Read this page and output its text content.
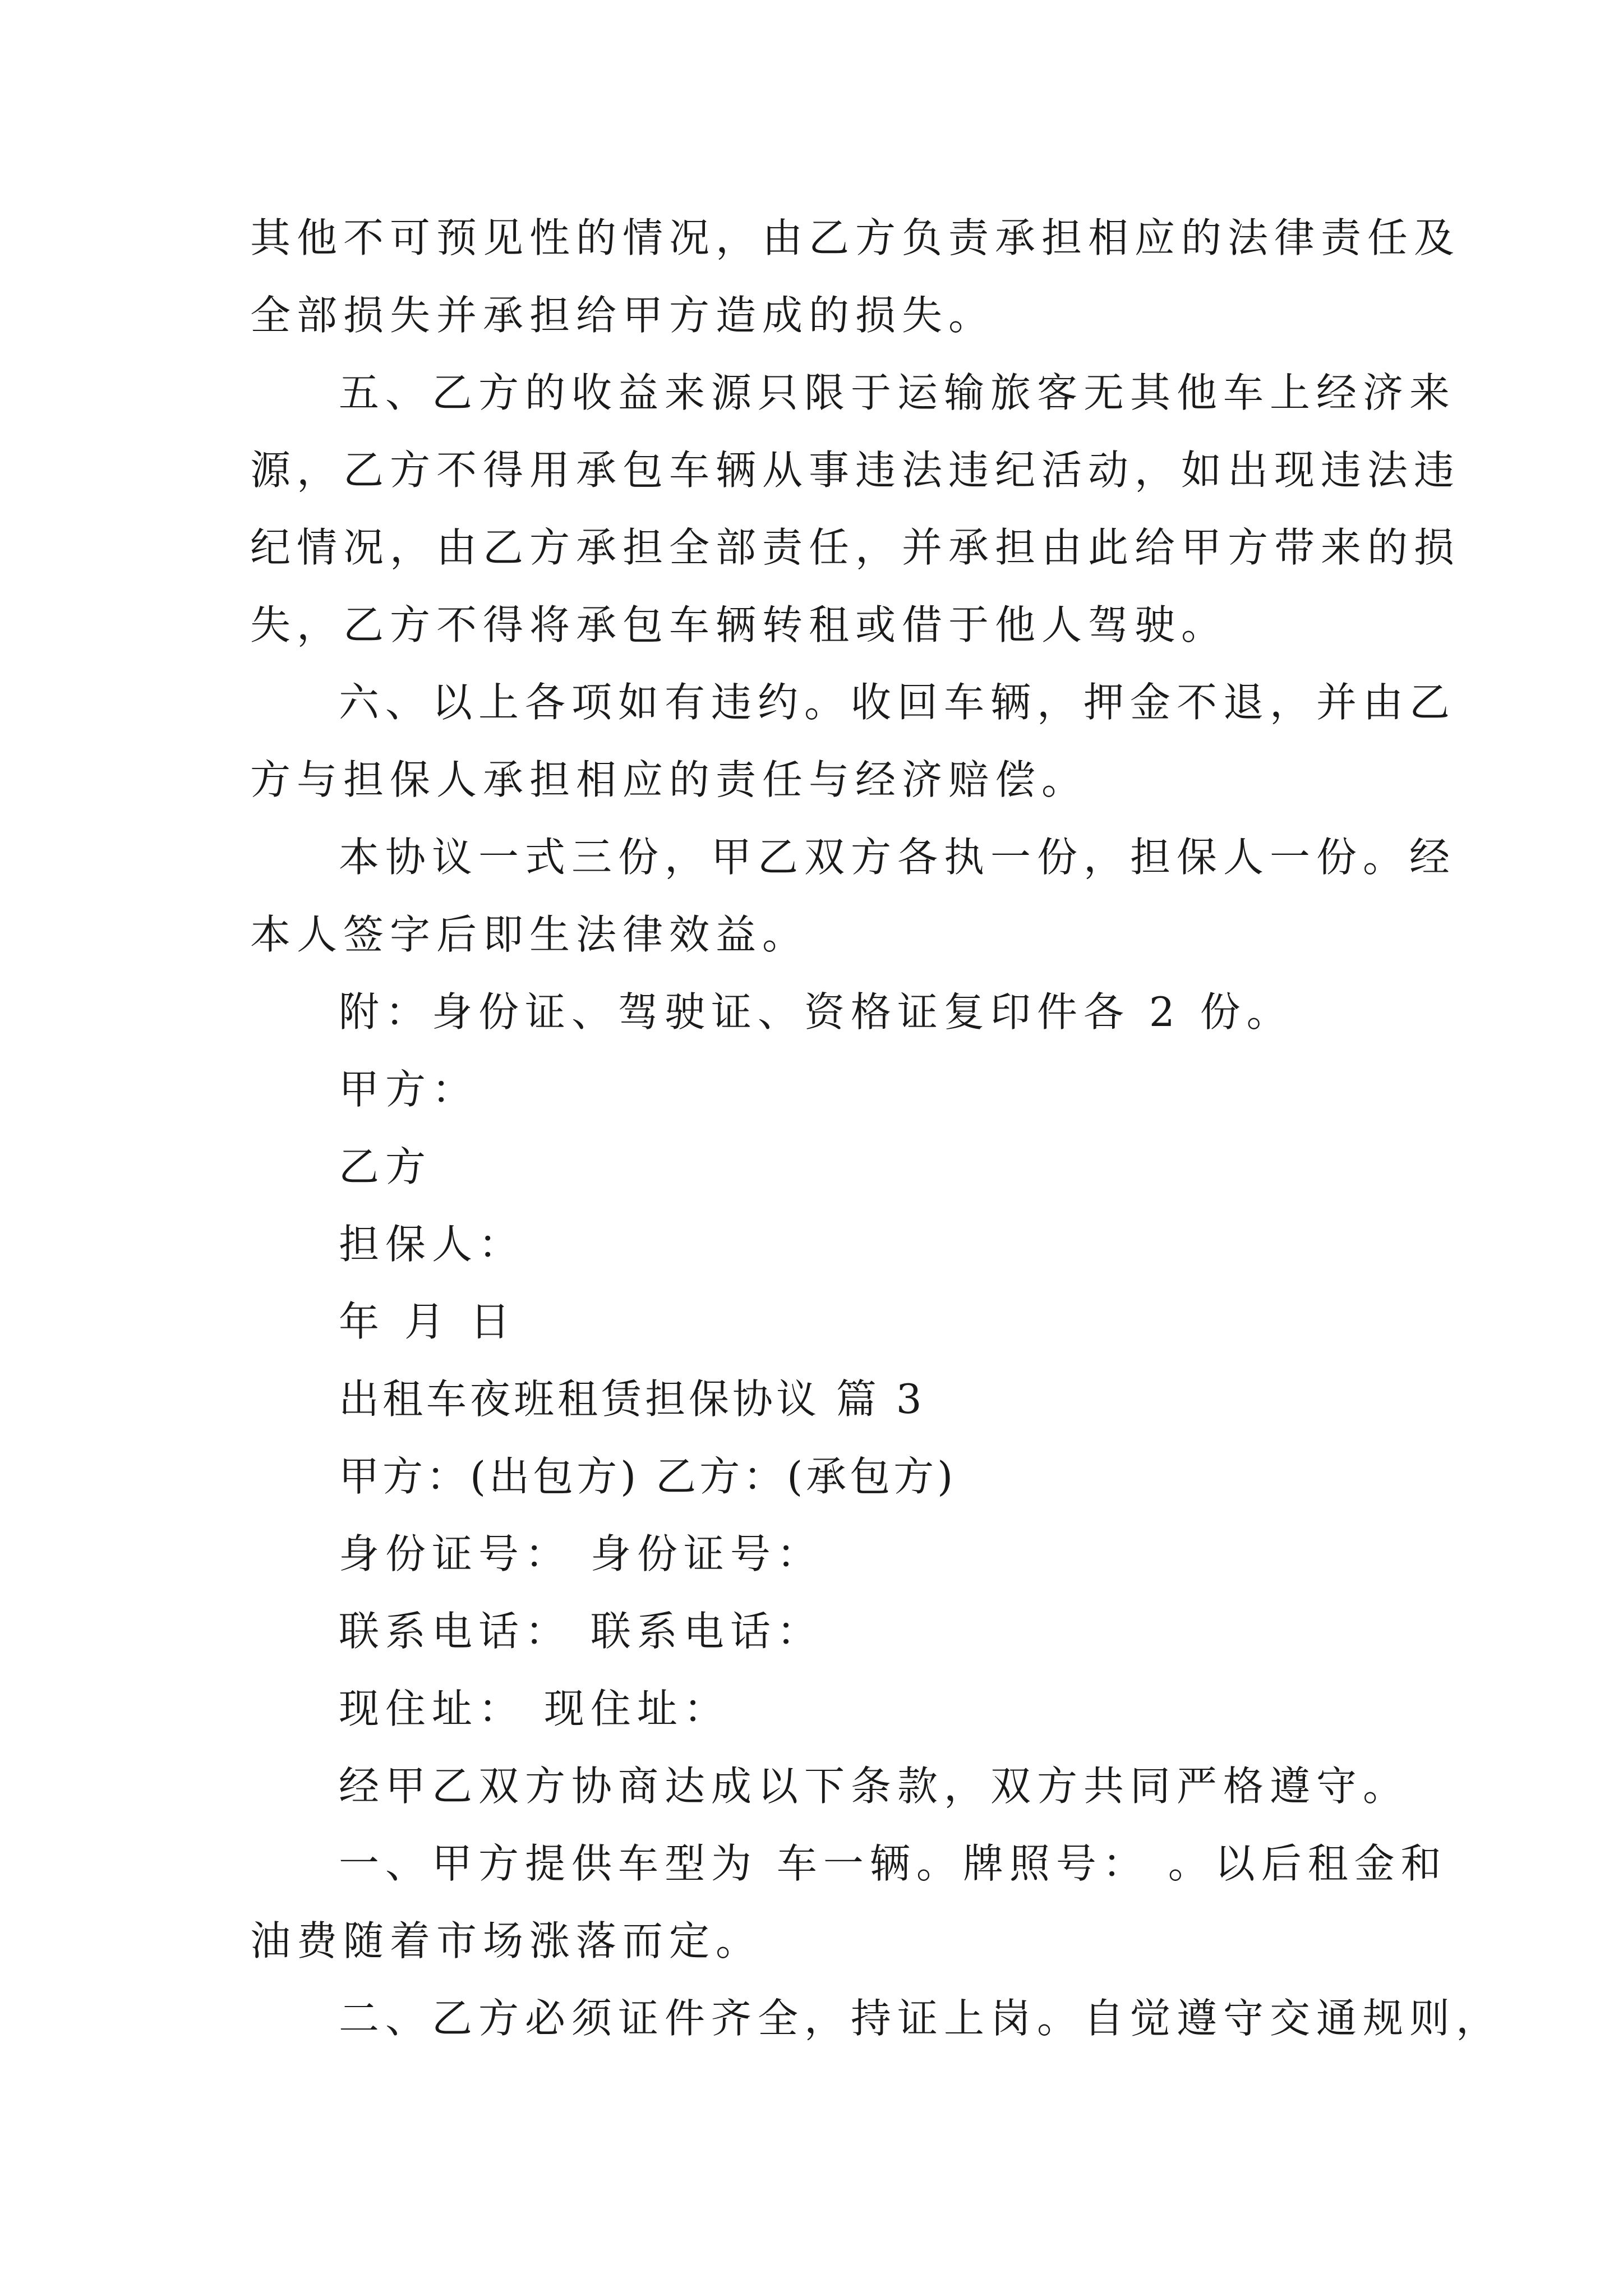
其他不可预见性的情况，由乙方负责承担相应的法律责任及
全部损失并承担给甲方造成的损失。
五、乙方的收益来源只限于运输旅客无其他车上经济来
源，乙方不得用承包车辆从事违法违纪活动，如出现违法违
纪情况，由乙方承担全部责任，并承担由此给甲方带来的损
失，乙方不得将承包车辆转租或借于他人驾驶。
六、以上各项如有违约。收回车辆，押金不退，并由乙
方与担保人承担相应的责任与经济赔偿。
本协议一式三份，甲乙双方各执一份，担保人一份。经
本人签字后即生法律效益。
附：身份证、驾驶证、资格证复印件各 2 份。
甲方：
乙方
担保人：
年 月 日
出租车夜班租赁担保协议 篇 3
甲方：(出包方) 乙方：(承包方)
身份证号： 身份证号：
联系电话： 联系电话：
现住址： 现住址：
经甲乙双方协商达成以下条款，双方共同严格遵守。
一、甲方提供车型为 车一辆。牌照号： 。以后租金和
油费随着市场涨落而定。
二、乙方必须证件齐全，持证上岗。自觉遵守交通规则，
